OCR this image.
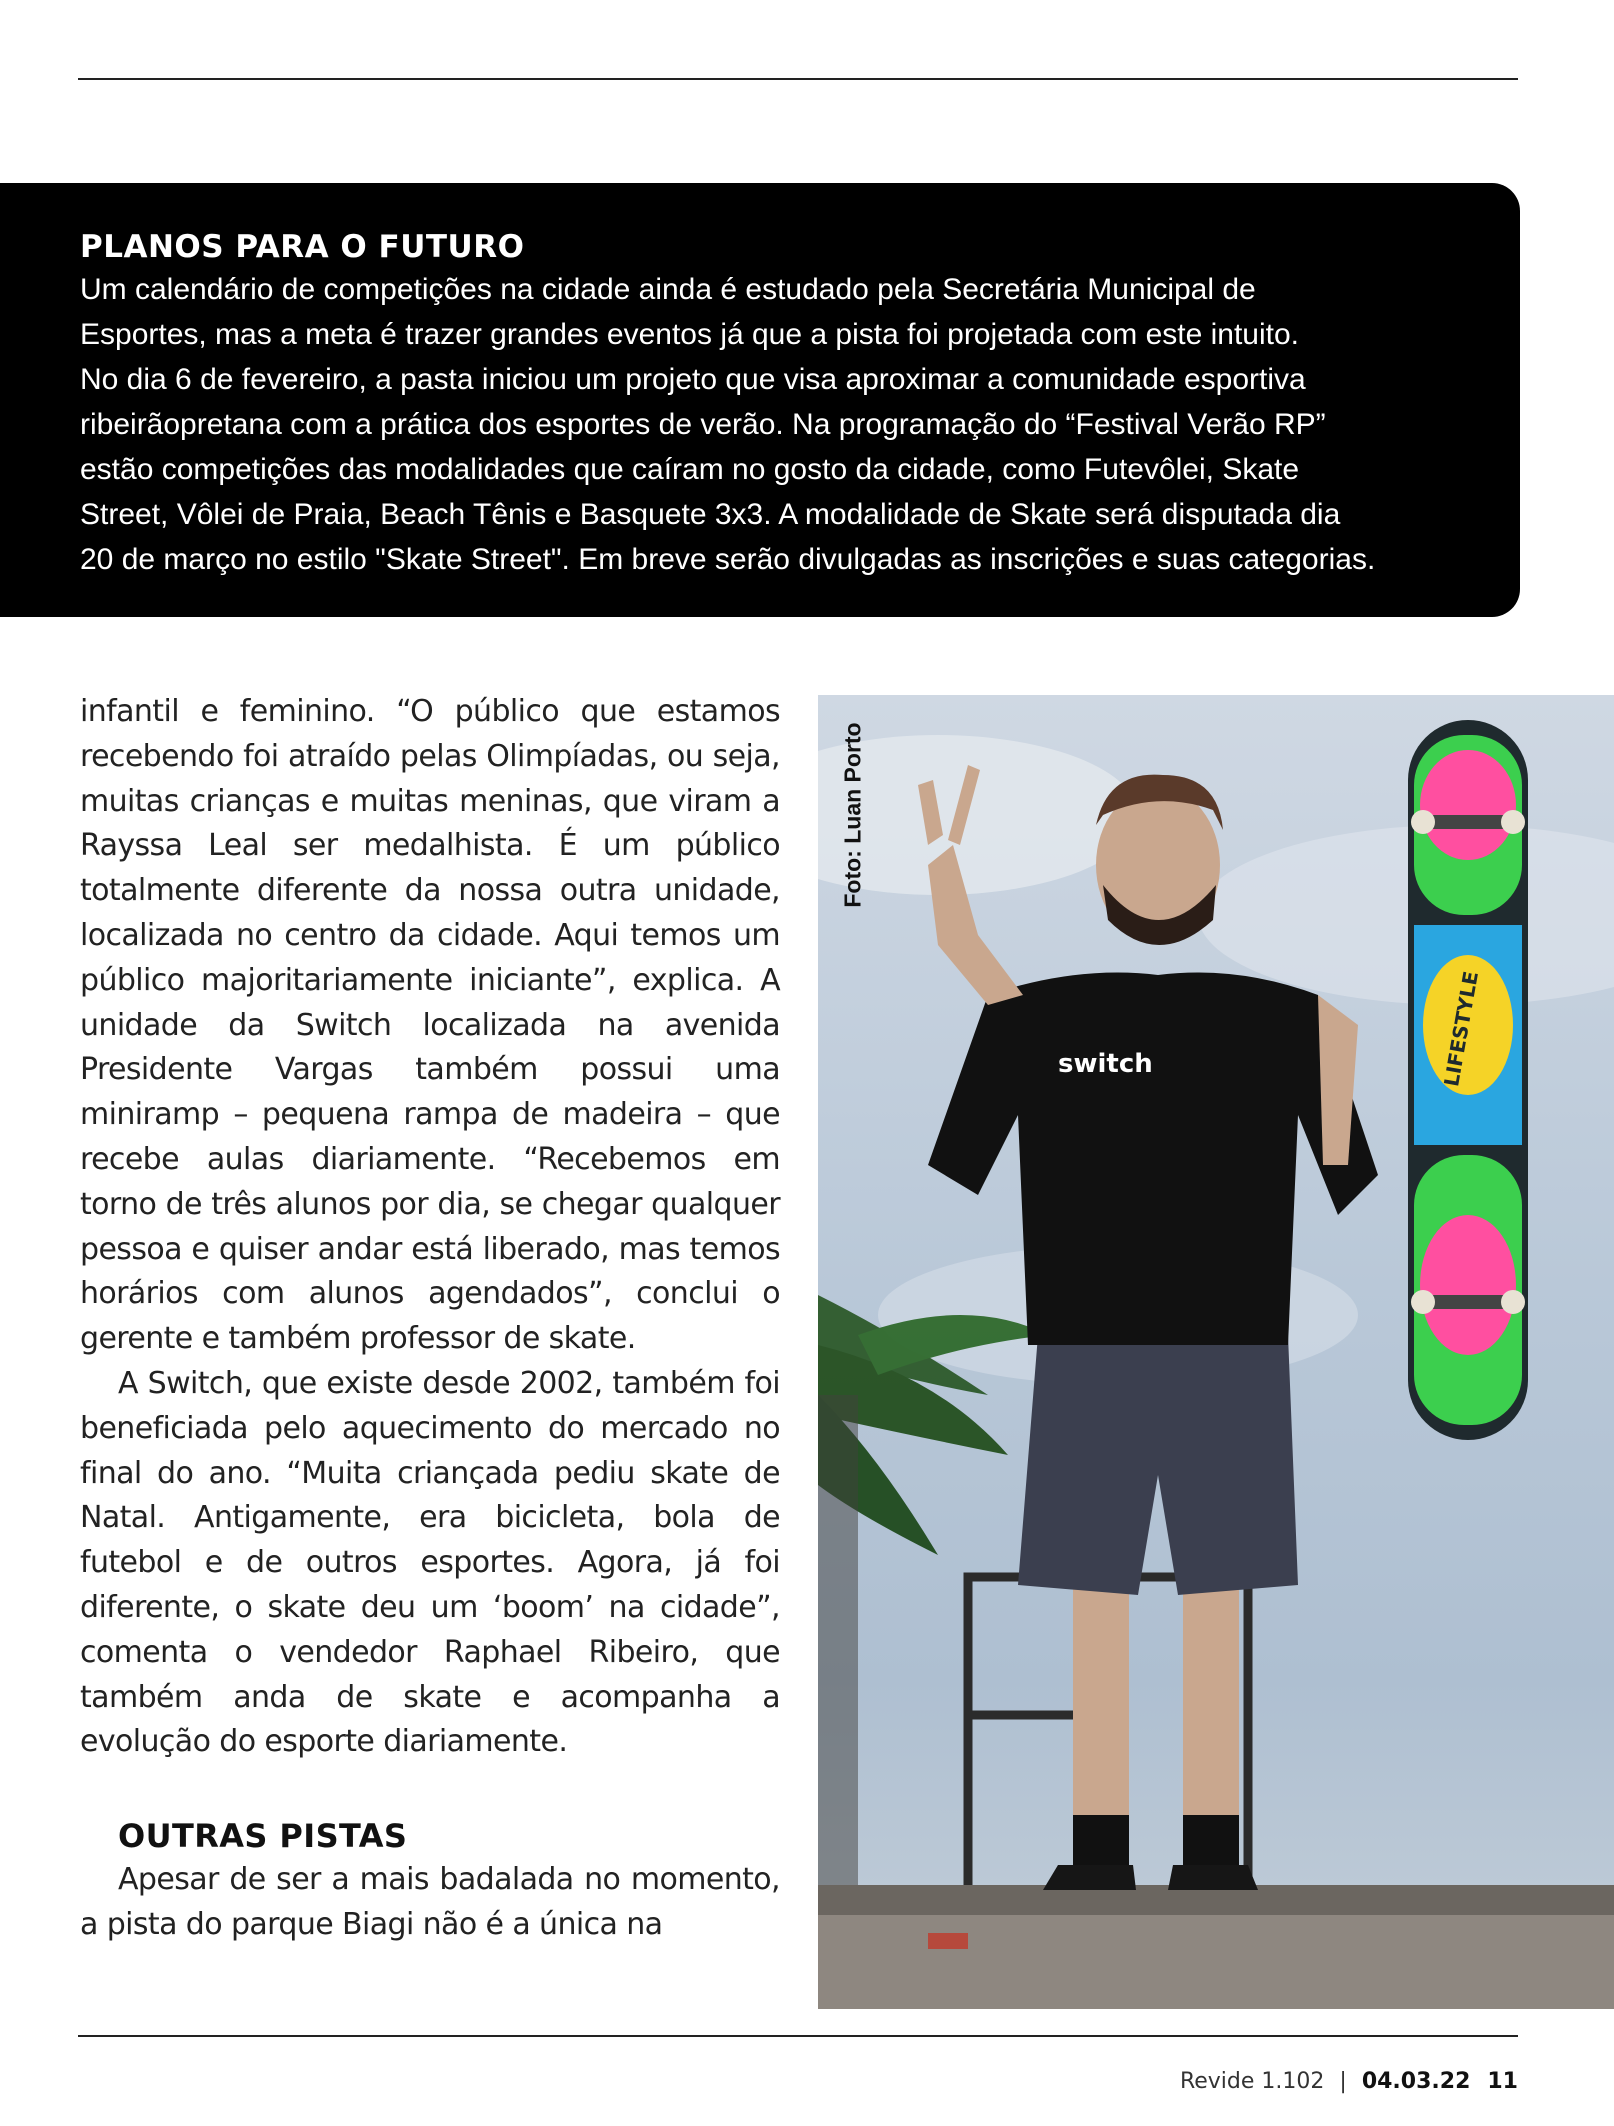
PLANOS PARA O FUTURO

Um calendário de competições na cidade ainda é estudado pela Secretária Municipal de

Esportes, mas a meta é trazer grandes eventos já que a pista foi projetada com este intuito.

No dia 6 de fevereiro, a pasta iniciou um projeto que visa aproximar a comunidade esportiva

ribeirãopretana com a prática dos esportes de verão. Na programação do “Festival Verão RP”

estão competições das modalidades que caíram no gosto da cidade, como Futevôlei, Skate

Street, Vôlei de Praia, Beach Tênis e Basquete 3x3. A modalidade de Skate será disputada dia

20 de março no estilo "Skate Street". Em breve serão divulgadas as inscrições e suas categorias.

infantil e feminino. “O público que estamos recebendo foi atraído pelas Olimpíadas, ou seja, muitas crianças e muitas meninas, que viram a Rayssa Leal ser medalhista. É um público totalmente diferente da nossa outra unidade, localizada no centro da cidade. Aqui temos um público majoritariamente iniciante”, explica. A unidade da Switch localizada na avenida Presidente Vargas também possui uma miniramp – pequena rampa de madeira – que recebe aulas diariamente. “Recebemos em torno de três alunos por dia, se chegar qualquer pessoa e quiser andar está liberado, mas temos horários com alunos agendados”, conclui o gerente e também professor de skate.

A Switch, que existe desde 2002, também foi beneficiada pelo aquecimento do mercado no final do ano. “Muita criançada pediu skate de Natal. Antigamente, era bicicleta, bola de futebol e de outros esportes. Agora, já foi diferente, o skate deu um ‘boom’ na cidade”, comenta o vendedor Raphael Ribeiro, que também anda de skate e acompanha a evolução do esporte diariamente.

OUTRAS PISTAS

Apesar de ser a mais badalada no momento, a pista do parque Biagi não é a única na

switch	LIFESTYLE
Foto: Luan Porto
Revide 1.102 | 04.03.22 11
